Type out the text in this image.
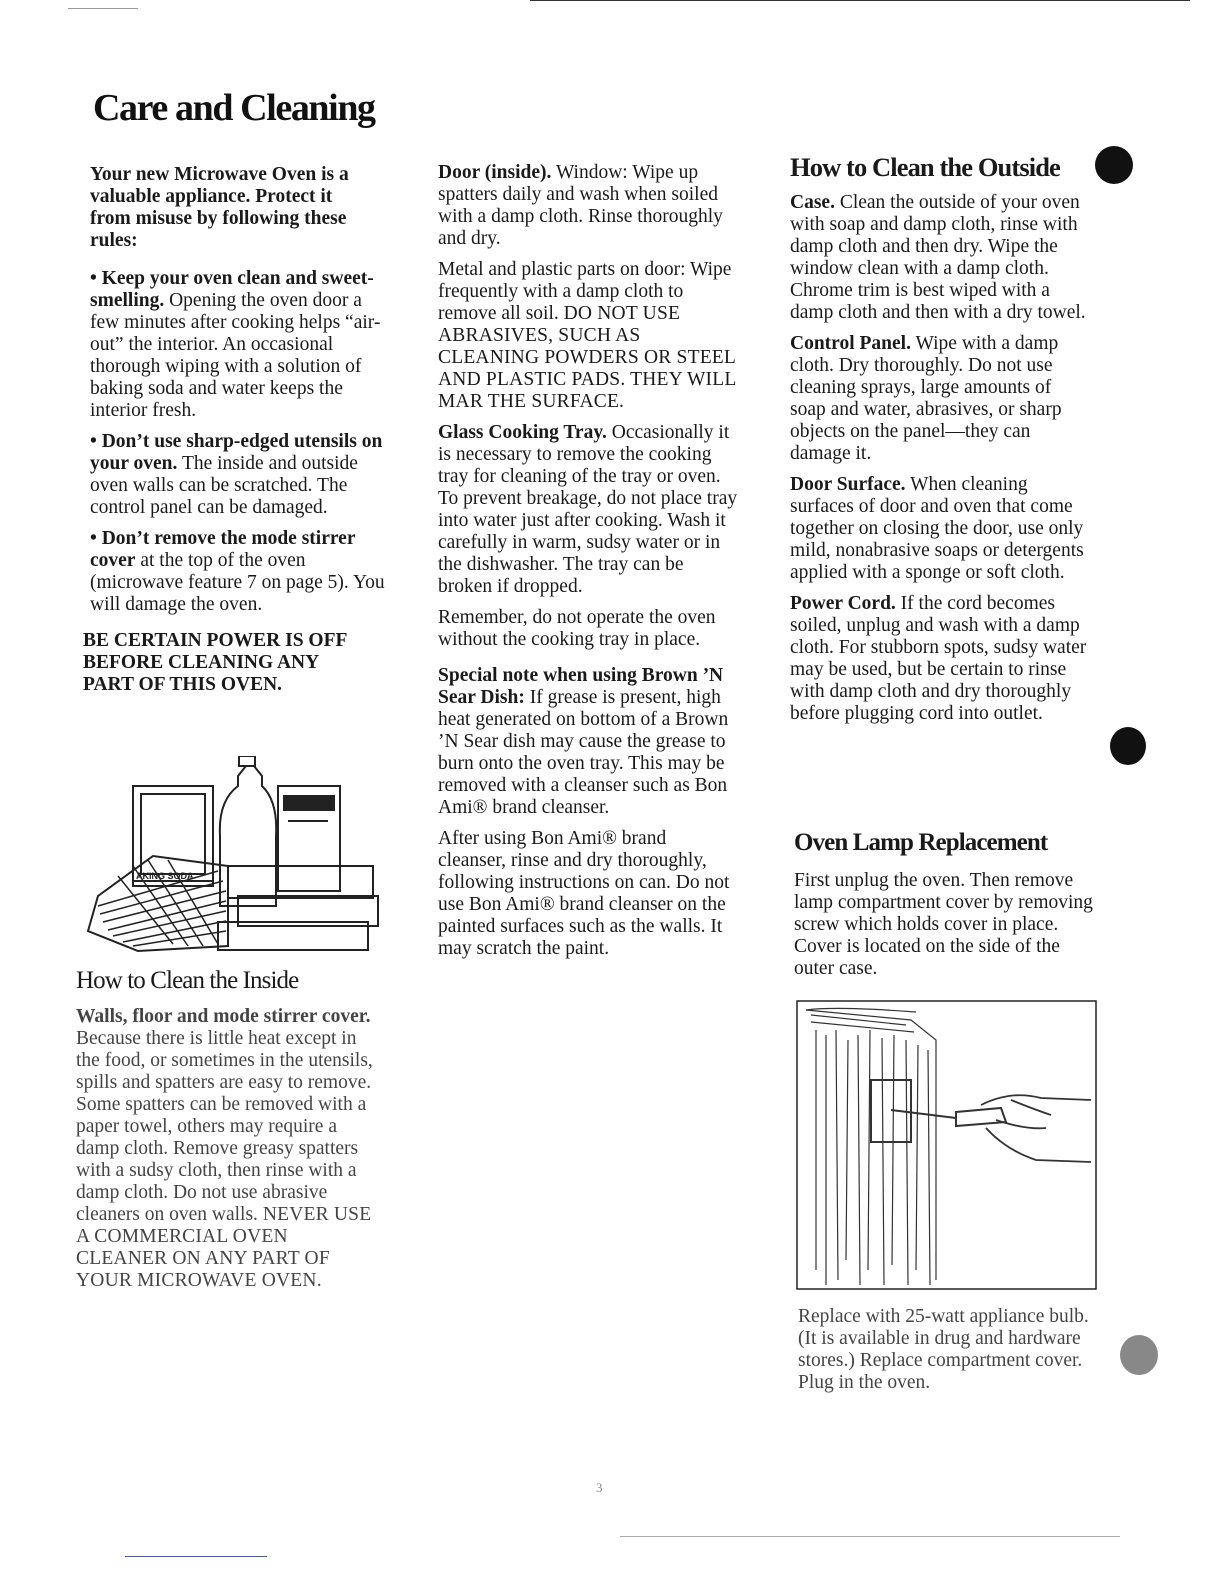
Care and Cleaning

Your new Microwave Oven is a valuable appliance. Protect it from misuse by following these rules:

• Keep your oven clean and sweet-smelling. Opening the oven door a few minutes after cooking helps “air-out” the interior. An occasional thorough wiping with a solution of baking soda and water keeps the interior fresh.

• Don’t use sharp-edged utensils on your oven. The inside and outside oven walls can be scratched. The control panel can be damaged.

• Don’t remove the mode stirrer cover at the top of the oven (microwave feature 7 on page 5). You will damage the oven.

BE CERTAIN POWER IS OFF BEFORE CLEANING ANY PART OF THIS OVEN.
AKING SODA
How to Clean the Inside

Walls, floor and mode stirrer cover. Because there is little heat except in the food, or sometimes in the utensils, spills and spatters are easy to remove. Some spatters can be removed with a paper towel, others may require a damp cloth. Remove greasy spatters with a sudsy cloth, then rinse with a damp cloth. Do not use abrasive cleaners on oven walls. NEVER USE A COMMERCIAL OVEN CLEANER ON ANY PART OF YOUR MICROWAVE OVEN.

Door (inside). Window: Wipe up spatters daily and wash when soiled with a damp cloth. Rinse thoroughly and dry.

Metal and plastic parts on door: Wipe frequently with a damp cloth to remove all soil. DO NOT USE ABRASIVES, SUCH AS CLEANING POWDERS OR STEEL AND PLASTIC PADS. THEY WILL MAR THE SURFACE.

Glass Cooking Tray. Occasionally it is necessary to remove the cooking tray for cleaning of the tray or oven. To prevent breakage, do not place tray into water just after cooking. Wash it carefully in warm, sudsy water or in the dishwasher. The tray can be broken if dropped.

Remember, do not operate the oven without the cooking tray in place.

Special note when using Brown ’N Sear Dish: If grease is present, high heat generated on bottom of a Brown ’N Sear dish may cause the grease to burn onto the oven tray. This may be removed with a cleanser such as Bon Ami® brand cleanser.

After using Bon Ami® brand cleanser, rinse and dry thoroughly, following instructions on can. Do not use Bon Ami® brand cleanser on the painted surfaces such as the walls. It may scratch the paint.

How to Clean the Outside

Case. Clean the outside of your oven with soap and damp cloth, rinse with damp cloth and then dry. Wipe the window clean with a damp cloth. Chrome trim is best wiped with a damp cloth and then with a dry towel.

Control Panel. Wipe with a damp cloth. Dry thoroughly. Do not use cleaning sprays, large amounts of soap and water, abrasives, or sharp objects on the panel—they can damage it.

Door Surface. When cleaning surfaces of door and oven that come together on closing the door, use only mild, nonabrasive soaps or detergents applied with a sponge or soft cloth.

Power Cord. If the cord becomes soiled, unplug and wash with a damp cloth. For stubborn spots, sudsy water may be used, but be certain to rinse with damp cloth and dry thoroughly before plugging cord into outlet.

Oven Lamp Replacement

First unplug the oven. Then remove lamp compartment cover by removing screw which holds cover in place. Cover is located on the side of the outer case.

Replace with 25-watt appliance bulb. (It is available in drug and hardware stores.) Replace compartment cover. Plug in the oven.

3
